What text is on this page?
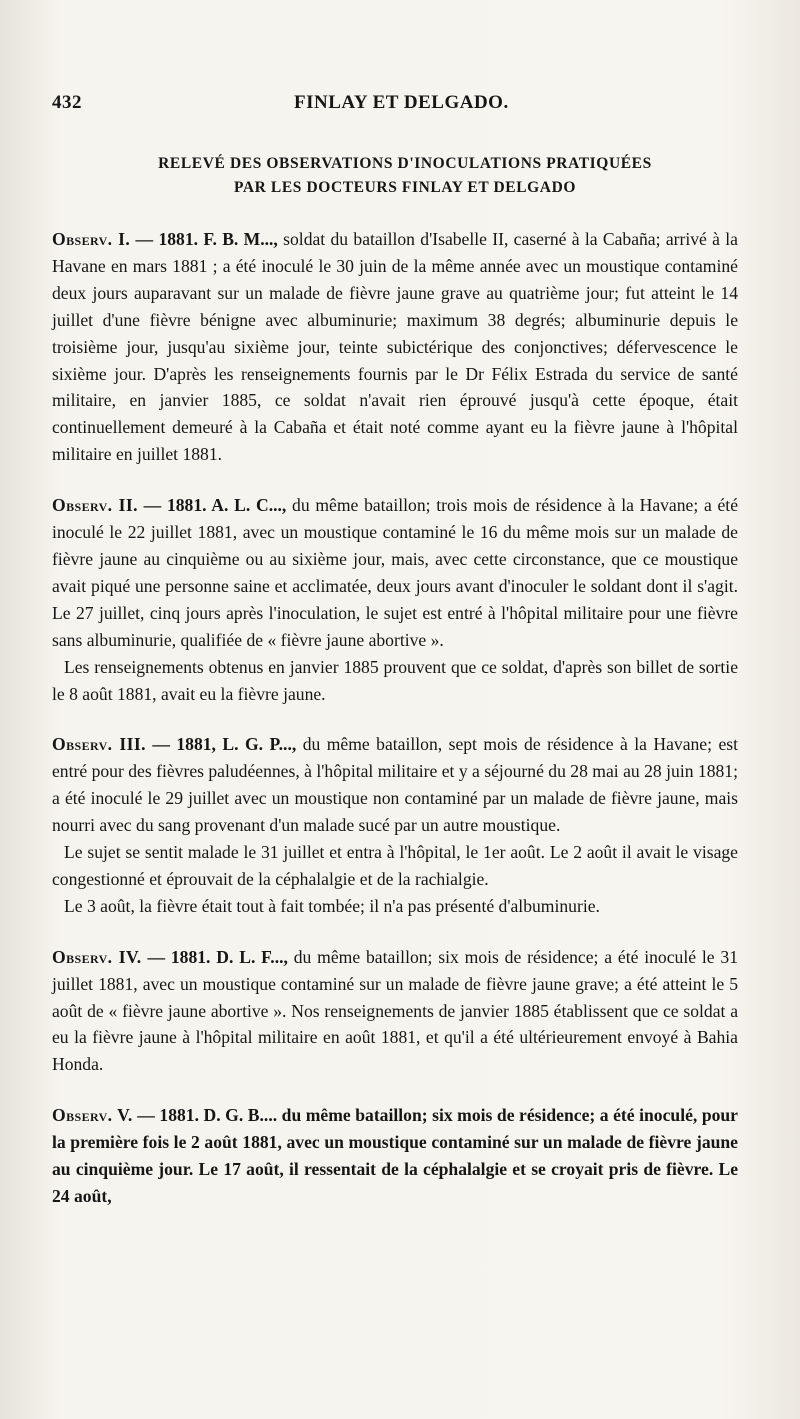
432	FINLAY ET DELGADO.
RELEVÉ DES OBSERVATIONS D'INOCULATIONS PRATIQUÉES
PAR LES DOCTEURS FINLAY ET DELGADO

Observ. I. — 1881. F. B. M..., soldat du bataillon d'Isabelle II, caserné à la Cabaña; arrivé à la Havane en mars 1881 ; a été inoculé le 30 juin de la même année avec un moustique contaminé deux jours auparavant sur un malade de fièvre jaune grave au quatrième jour; fut atteint le 14 juillet d'une fièvre bénigne avec albuminurie; maximum 38 degrés; albuminurie depuis le troisième jour, jusqu'au sixième jour, teinte subictérique des conjonctives; défervescence le sixième jour. D'après les renseignements fournis par le Dr Félix Estrada du service de santé militaire, en janvier 1885, ce soldat n'avait rien éprouvé jusqu'à cette époque, était continuellement demeuré à la Cabaña et était noté comme ayant eu la fièvre jaune à l'hôpital militaire en juillet 1881.

Observ. II. — 1881. A. L. C..., du même bataillon; trois mois de résidence à la Havane; a été inoculé le 22 juillet 1881, avec un moustique contaminé le 16 du même mois sur un malade de fièvre jaune au cinquième ou au sixième jour, mais, avec cette circonstance, que ce moustique avait piqué une personne saine et acclimatée, deux jours avant d'inoculer le soldant dont il s'agit. Le 27 juillet, cinq jours après l'inoculation, le sujet est entré à l'hôpital militaire pour une fièvre sans albuminurie, qualifiée de « fièvre jaune abortive ».

Les renseignements obtenus en janvier 1885 prouvent que ce soldat, d'après son billet de sortie le 8 août 1881, avait eu la fièvre jaune.

Observ. III. — 1881, L. G. P..., du même bataillon, sept mois de résidence à la Havane; est entré pour des fièvres paludéennes, à l'hôpital militaire et y a séjourné du 28 mai au 28 juin 1881; a été inoculé le 29 juillet avec un moustique non contaminé par un malade de fièvre jaune, mais nourri avec du sang provenant d'un malade sucé par un autre moustique.

Le sujet se sentit malade le 31 juillet et entra à l'hôpital, le 1er août. Le 2 août il avait le visage congestionné et éprouvait de la céphalalgie et de la rachialgie.

Le 3 août, la fièvre était tout à fait tombée; il n'a pas présenté d'albuminurie.

Observ. IV. — 1881. D. L. F..., du même bataillon; six mois de résidence; a été inoculé le 31 juillet 1881, avec un moustique contaminé sur un malade de fièvre jaune grave; a été atteint le 5 août de « fièvre jaune abortive ». Nos renseignements de janvier 1885 établissent que ce soldat a eu la fièvre jaune à l'hôpital militaire en août 1881, et qu'il a été ultérieurement envoyé à Bahia Honda.

Observ. V. — 1881. D. G. B.... du même bataillon; six mois de résidence; a été inoculé, pour la première fois le 2 août 1881, avec un moustique contaminé sur un malade de fièvre jaune au cinquième jour. Le 17 août, il ressentait de la céphalalgie et se croyait pris de fièvre. Le 24 août,
